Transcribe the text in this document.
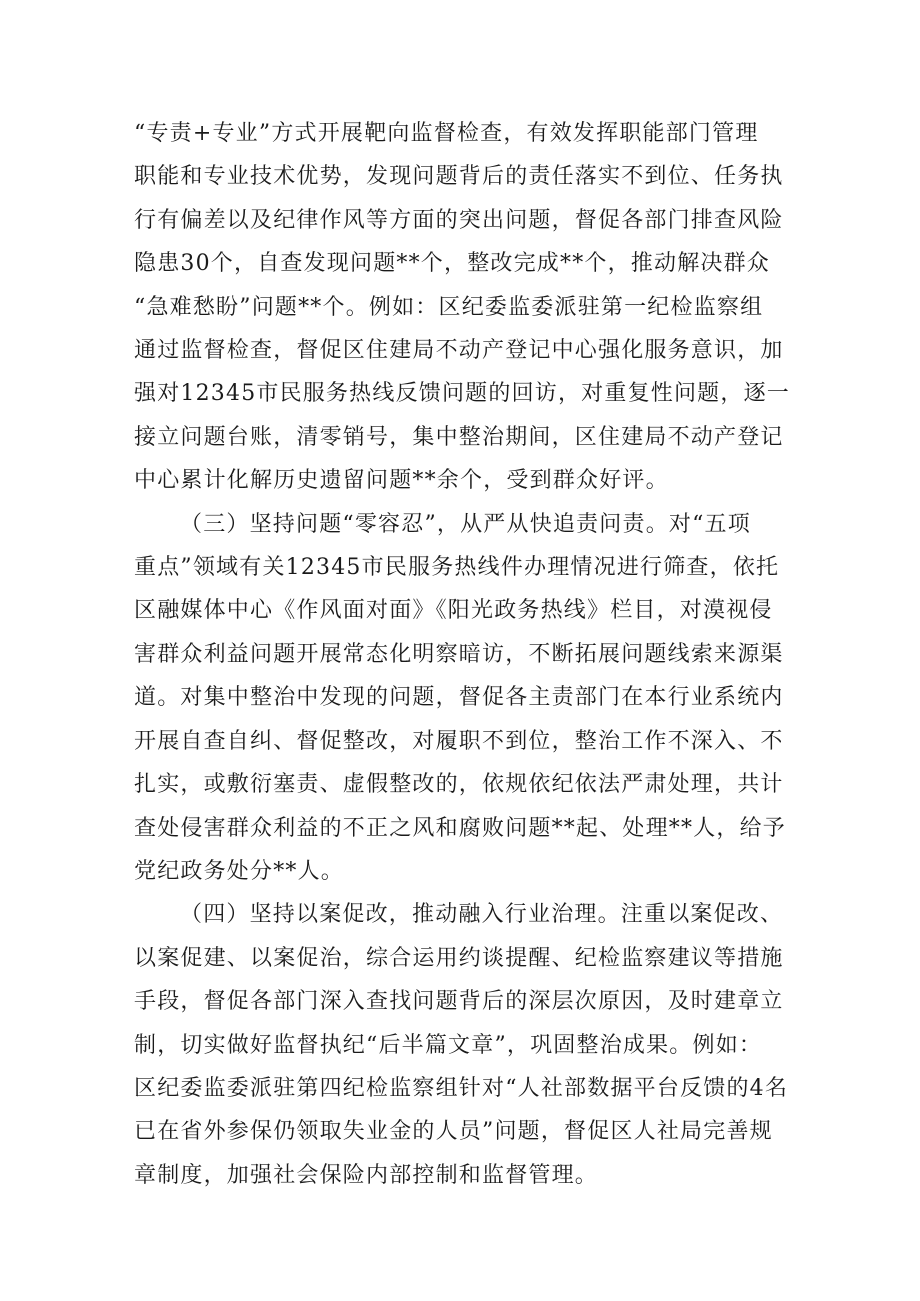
“专责+专业”方式开展靶向监督检查，有效发挥职能部门管理
职能和专业技术优势，发现问题背后的责任落实不到位、任务执
行有偏差以及纪律作风等方面的突出问题，督促各部门排查风险
隐患30个，自查发现问题**个，整改完成**个，推动解决群众
“急难愁盼”问题**个。例如：区纪委监委派驻第一纪检监察组
通过监督检查，督促区住建局不动产登记中心强化服务意识，加
强对12345市民服务热线反馈问题的回访，对重复性问题，逐一
接立问题台账，清零销号，集中整治期间，区住建局不动产登记
中心累计化解历史遗留问题**余个，受到群众好评。

（三）坚持问题“零容忍”，从严从快追责问责。对“五项
重点”领域有关12345市民服务热线件办理情况进行筛查，依托
区融媒体中心《作风面对面》《阳光政务热线》栏目，对漠视侵
害群众利益问题开展常态化明察暗访，不断拓展问题线索来源渠
道。对集中整治中发现的问题，督促各主责部门在本行业系统内
开展自查自纠、督促整改，对履职不到位，整治工作不深入、不
扎实，或敷衍塞责、虚假整改的，依规依纪依法严肃处理，共计
查处侵害群众利益的不正之风和腐败问题**起、处理**人，给予
党纪政务处分**人。

（四）坚持以案促改，推动融入行业治理。注重以案促改、
以案促建、以案促治，综合运用约谈提醒、纪检监察建议等措施
手段，督促各部门深入查找问题背后的深层次原因，及时建章立
制，切实做好监督执纪“后半篇文章”，巩固整治成果。例如：
区纪委监委派驻第四纪检监察组针对“人社部数据平台反馈的4名
已在省外参保仍领取失业金的人员”问题，督促区人社局完善规
章制度，加强社会保险内部控制和监督管理。
